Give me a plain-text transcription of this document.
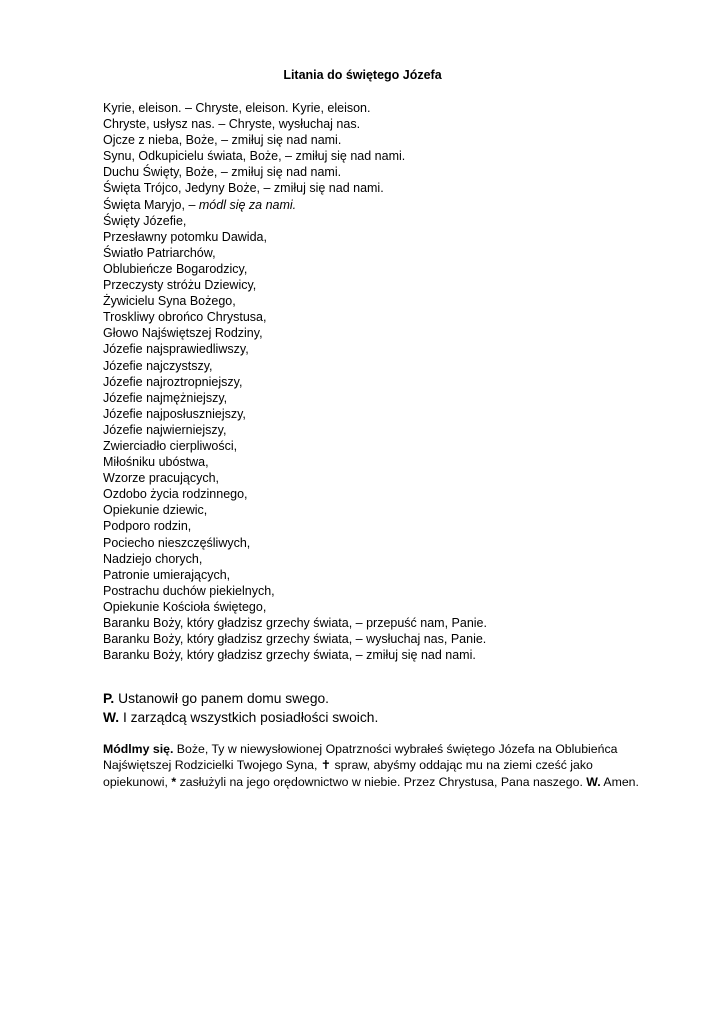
Litania do świętego Józefa
Kyrie, eleison. – Chryste, eleison. Kyrie, eleison.
Chryste, usłysz nas. – Chryste, wysłuchaj nas.
Ojcze z nieba, Boże, – zmiłuj się nad nami.
Synu, Odkupicielu świata, Boże, – zmiłuj się nad nami.
Duchu Święty, Boże, – zmiłuj się nad nami.
Święta Trójco, Jedyny Boże, – zmiłuj się nad nami.
Święta Maryjo, – módl się za nami.
Święty Józefie,
Przesławny potomku Dawida,
Światło Patriarchów,
Oblubieńcze Bogarodzicy,
Przeczysty stróżu Dziewicy,
Żywicielu Syna Bożego,
Troskliwy obrońco Chrystusa,
Głowo Najświętszej Rodziny,
Józefie najsprawiedliwszy,
Józefie najczystszy,
Józefie najroztropniejszy,
Józefie najmężniejszy,
Józefie najposłuszniejszy,
Józefie najwierniejszy,
Zwierciadło cierpliwości,
Miłośniku ubóstwa,
Wzorze pracujących,
Ozdobo życia rodzinnego,
Opiekunie dziewic,
Podporo rodzin,
Pociecho nieszczęśliwych,
Nadziejo chorych,
Patronie umierających,
Postrachu duchów piekielnych,
Opiekunie Kościoła świętego,
Baranku Boży, który gładzisz grzechy świata, – przepuść nam, Panie.
Baranku Boży, który gładzisz grzechy świata, – wysłuchaj nas, Panie.
Baranku Boży, który gładzisz grzechy świata, – zmiłuj się nad nami.
P. Ustanowił go panem domu swego.
W. I zarządcą wszystkich posiadłości swoich.
Módlmy się. Boże, Ty w niewysłowionej Opatrzności wybrałeś świętego Józefa na Oblubieńca Najświętszej Rodzicielki Twojego Syna, ✝ spraw, abyśmy oddając mu na ziemi cześć jako opiekunowi, * zasłużyli na jego orędownictwo w niebie. Przez Chrystusa, Pana naszego. W. Amen.
